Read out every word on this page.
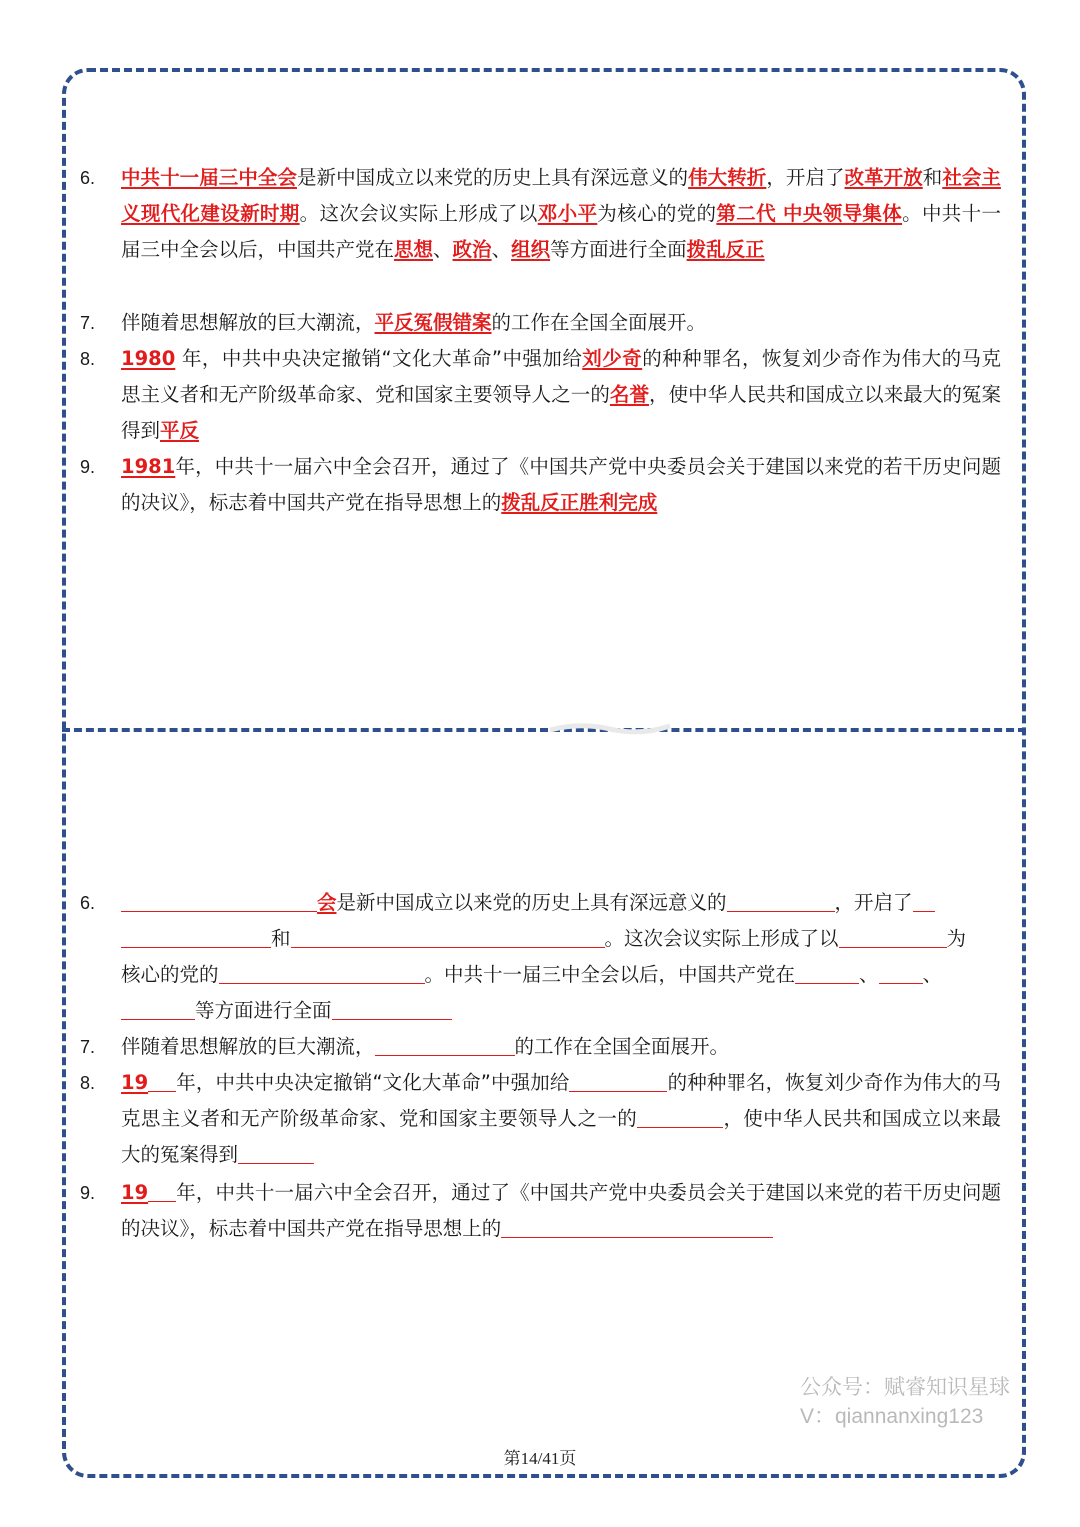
6.	中共十一届三中全会是新中国成立以来党的历史上具有深远意义的伟大转折，开启了改革开放和社会主义现代化建设新时期。这次会议实际上形成了以邓小平为核心的党的第二代 中央领导集体。中共十一届三中全会以后，中国共产党在思想、政治、组织等方面进行全面拨乱反正
7.	伴随着思想解放的巨大潮流，平反冤假错案的工作在全国全面展开。
8.	1980 年，中共中央决定撤销“文化大革命”中强加给刘少奇的种种罪名，恢复刘少奇作为伟大的马克思主义者和无产阶级革命家、党和国家主要领导人之一的名誉，使中华人民共和国成立以来最大的冤案得到平反
9.	1981年，中共十一届六中全会召开，通过了《中国共产党中央委员会关于建国以来党的若干历史问题的决议》，标志着中国共产党在指导思想上的拨乱反正胜利完成
6.	会是新中国成立以来党的历史上具有深远意义的	，开启了
和	。这次会议实际上形成了以	为
核心的党的	。中共十一届三中全会以后，中国共产党在	、 、
等方面进行全面
7.	伴随着思想解放的巨大潮流，	的工作在全国全面展开。
8.	19 年，中共中央决定撤销“文化大革命”中强加给	的种种罪名，恢复刘少奇作为伟大的马克思主义者和无产阶级革命家、党和国家主要领导人之一的	，使中华人民共和国成立以来最大的冤案得到
9.	19 年，中共十一届六中全会召开，通过了《中国共产党中央委员会关于建国以来党的若干历史问题的决议》，标志着中国共产党在指导思想上的
公众号：赋睿知识星球
V：qiannanxing123
第14/41页
